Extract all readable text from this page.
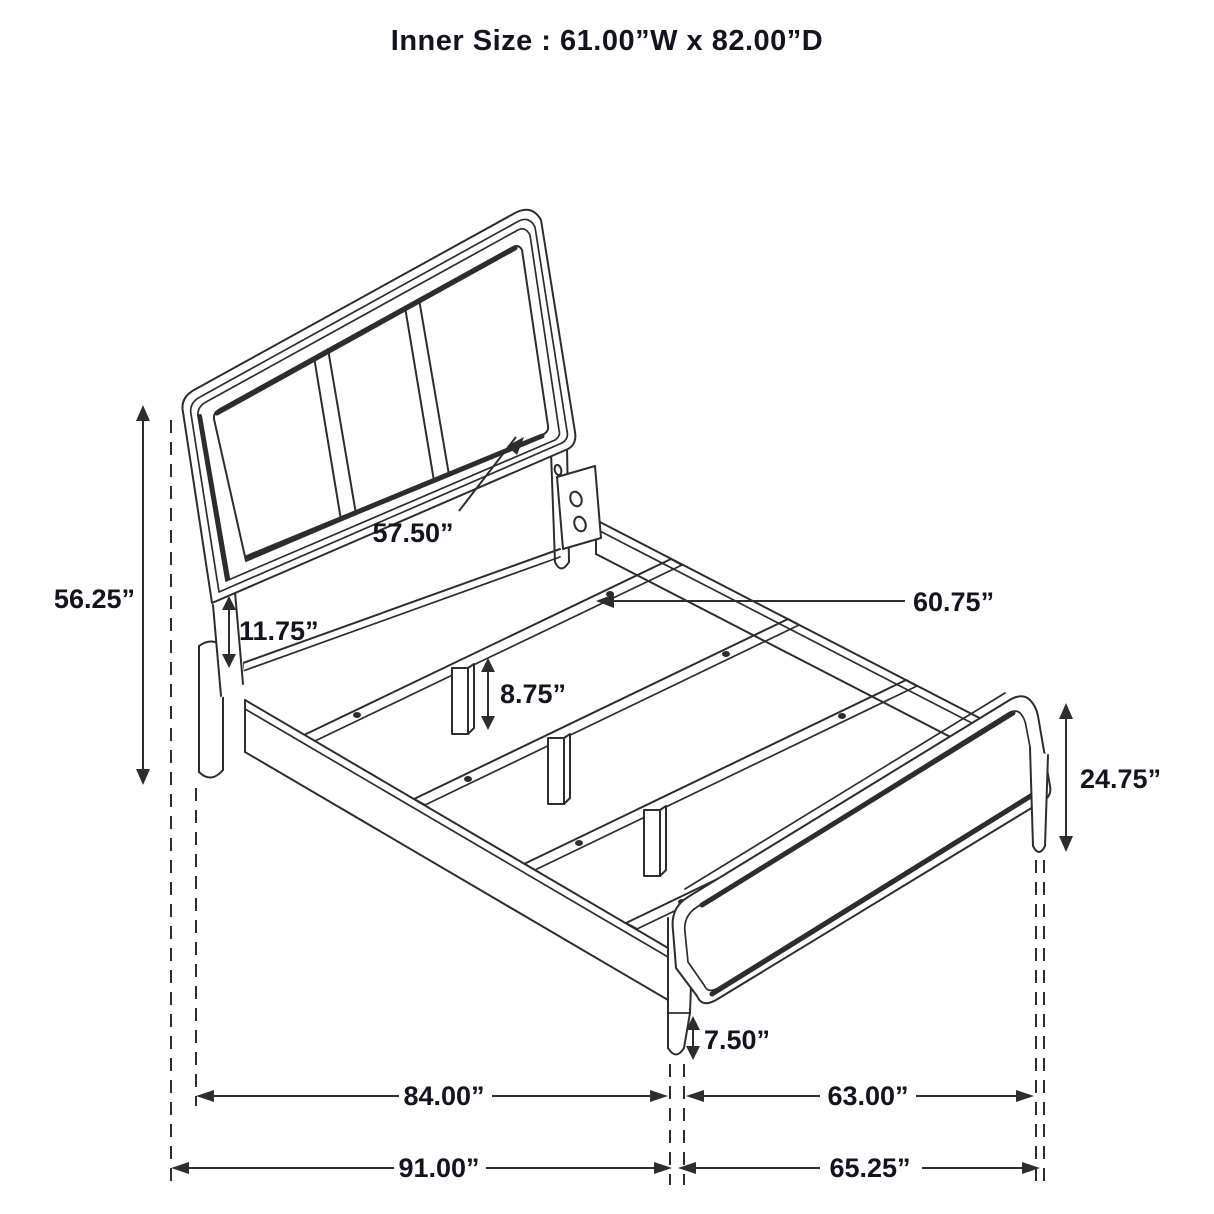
Inner Size : 61.00”W x 82.00”D
56.25”
11.75”
57.50”
60.75”
8.75”
24.75”
7.50”
84.00”	63.00”
91.00”	65.25”
